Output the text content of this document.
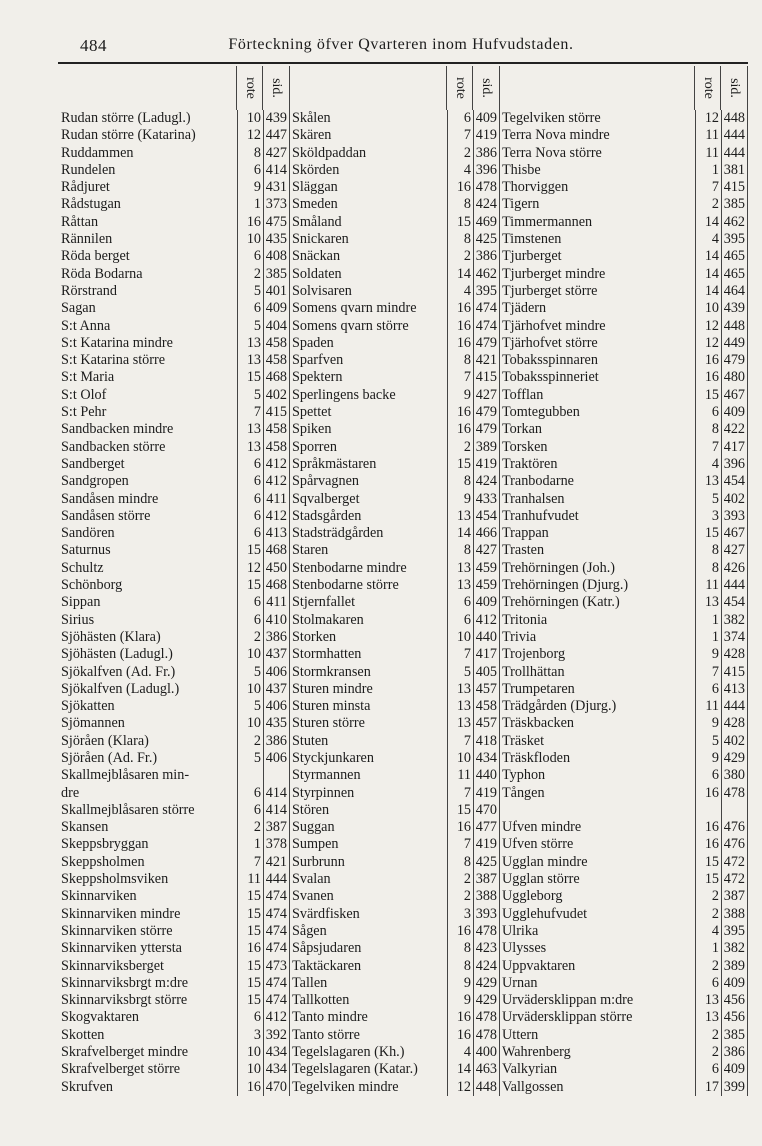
484	Förteckning öfver Qvarteren inom Hufvudstaden.
rote sid.
Rudan större (Ladugl.)	10 439
Rudan större (Katarina)	12 447
Ruddammen	8 427
Rundelen	6 414
Rådjuret	9 431
Rådstugan	1 373
Råttan	16 475
Rännilen	10 435
Röda berget	6 408
Röda Bodarna	2 385
Rörstrand	5 401
Sagan	6 409
S:t Anna	5 404
S:t Katarina mindre	13 458
S:t Katarina större	13 458
S:t Maria	15 468
S:t Olof	5 402
S:t Pehr	7 415
Sandbacken mindre	13 458
Sandbacken större	13 458
Sandberget	6 412
Sandgropen	6 412
Sandåsen mindre	6 411
Sandåsen större	6 412
Sandören	6 413
Saturnus	15 468
Schultz	12 450
Schönborg	15 468
Sippan	6 411
Sirius	6 410
Sjöhästen (Klara)	2 386
Sjöhästen (Ladugl.)	10 437
Sjökalfven (Ad. Fr.)	5 406
Sjökalfven (Ladugl.)	10 437
Sjökatten	5 406
Sjömannen	10 435
Sjöråen (Klara)	2 386
Sjöråen (Ad. Fr.)	5 406
Skallmejblåsaren min-
dre	6 414
Skallmejblåsaren större	6 414
Skansen	2 387
Skeppsbryggan	1 378
Skeppsholmen	7 421
Skeppsholmsviken	11 444
Skinnarviken	15 474
Skinnarviken mindre	15 474
Skinnarviken större	15 474
Skinnarviken yttersta	16 474
Skinnarviksberget	15 473
Skinnarviksbrgt m:dre	15 474
Skinnarviksbrgt större	15 474
Skogvaktaren	6 412
Skotten	3 392
Skrafvelberget mindre	10 434
Skrafvelberget större	10 434
Skrufven	16 470
rote sid.
Skålen	6 409
Skären	7 419
Sköldpaddan	2 386
Skörden	4 396
Släggan	16 478
Smeden	8 424
Småland	15 469
Snickaren	8 425
Snäckan	2 386
Soldaten	14 462
Solvisaren	4 395
Somens qvarn mindre	16 474
Somens qvarn större	16 474
Spaden	16 479
Sparfven	8 421
Spektern	7 415
Sperlingens backe	9 427
Spettet	16 479
Spiken	16 479
Sporren	2 389
Språkmästaren	15 419
Spårvagnen	8 424
Sqvalberget	9 433
Stadsgården	13 454
Stadsträdgården	14 466
Staren	8 427
Stenbodarne mindre	13 459
Stenbodarne större	13 459
Stjernfallet	6 409
Stolmakaren	6 412
Storken	10 440
Stormhatten	7 417
Stormkransen	5 405
Sturen mindre	13 457
Sturen minsta	13 458
Sturen större	13 457
Stuten	7 418
Styckjunkaren	10 434
Styrmannen	11 440
Styrpinnen	7 419
Stören	15 470
Suggan	16 477
Sumpen	7 419
Surbrunn	8 425
Svalan	2 387
Svanen	2 388
Svärdfisken	3 393
Sågen	16 478
Såpsjudaren	8 423
Taktäckaren	8 424
Tallen	9 429
Tallkotten	9 429
Tanto mindre	16 478
Tanto större	16 478
Tegelslagaren (Kh.)	4 400
Tegelslagaren (Katar.)	14 463
Tegelviken mindre	12 448
rote sid.
Tegelviken större	12 448
Terra Nova mindre	11 444
Terra Nova större	11 444
Thisbe	1 381
Thorviggen	7 415
Tigern	2 385
Timmermannen	14 462
Timstenen	4 395
Tjurberget	14 465
Tjurberget mindre	14 465
Tjurberget större	14 464
Tjädern	10 439
Tjärhofvet mindre	12 448
Tjärhofvet större	12 449
Tobaksspinnaren	16 479
Tobaksspinneriet	16 480
Tofflan	15 467
Tomtegubben	6 409
Torkan	8 422
Torsken	7 417
Traktören	4 396
Tranbodarne	13 454
Tranhalsen	5 402
Tranhufvudet	3 393
Trappan	15 467
Trasten	8 427
Trehörningen (Joh.)	8 426
Trehörningen (Djurg.)	11 444
Trehörningen (Katr.)	13 454
Tritonia	1 382
Trivia	1 374
Trojenborg	9 428
Trollhättan	7 415
Trumpetaren	6 413
Trädgården (Djurg.)	11 444
Träskbacken	9 428
Träsket	5 402
Träskfloden	9 429
Typhon	6 380
Tången	16 478
Ufven mindre	16 476
Ufven större	16 476
Ugglan mindre	15 472
Ugglan större	15 472
Uggleborg	2 387
Ugglehufvudet	2 388
Ulrika	4 395
Ulysses	1 382
Uppvaktaren	2 389
Urnan	6 409
Urvädersklippan m:dre	13 456
Urvädersklippan större	13 456
Uttern	2 385
Wahrenberg	2 386
Valkyrian	6 409
Vallgossen	17 399
